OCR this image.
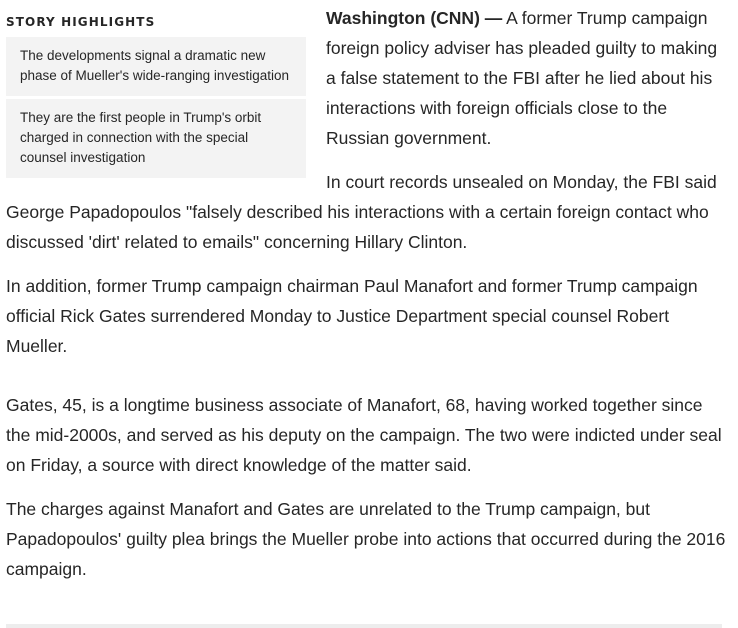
STORY HIGHLIGHTS
The developments signal a dramatic new phase of Mueller's wide-ranging investigation
They are the first people in Trump's orbit charged in connection with the special counsel investigation

Washington (CNN) — A former Trump campaign foreign policy adviser has pleaded guilty to making a false statement to the FBI after he lied about his interactions with foreign officials close to the Russian government.

In court records unsealed on Monday, the FBI said George Papadopoulos "falsely described his interactions with a certain foreign contact who discussed 'dirt' related to emails" concerning Hillary Clinton.

In addition, former Trump campaign chairman Paul Manafort and former Trump campaign official Rick Gates surrendered Monday to Justice Department special counsel Robert Mueller.

Gates, 45, is a longtime business associate of Manafort, 68, having worked together since the mid-2000s, and served as his deputy on the campaign. The two were indicted under seal on Friday, a source with direct knowledge of the matter said.

The charges against Manafort and Gates are unrelated to the Trump campaign, but Papadopoulos' guilty plea brings the Mueller probe into actions that occurred during the 2016 campaign.
